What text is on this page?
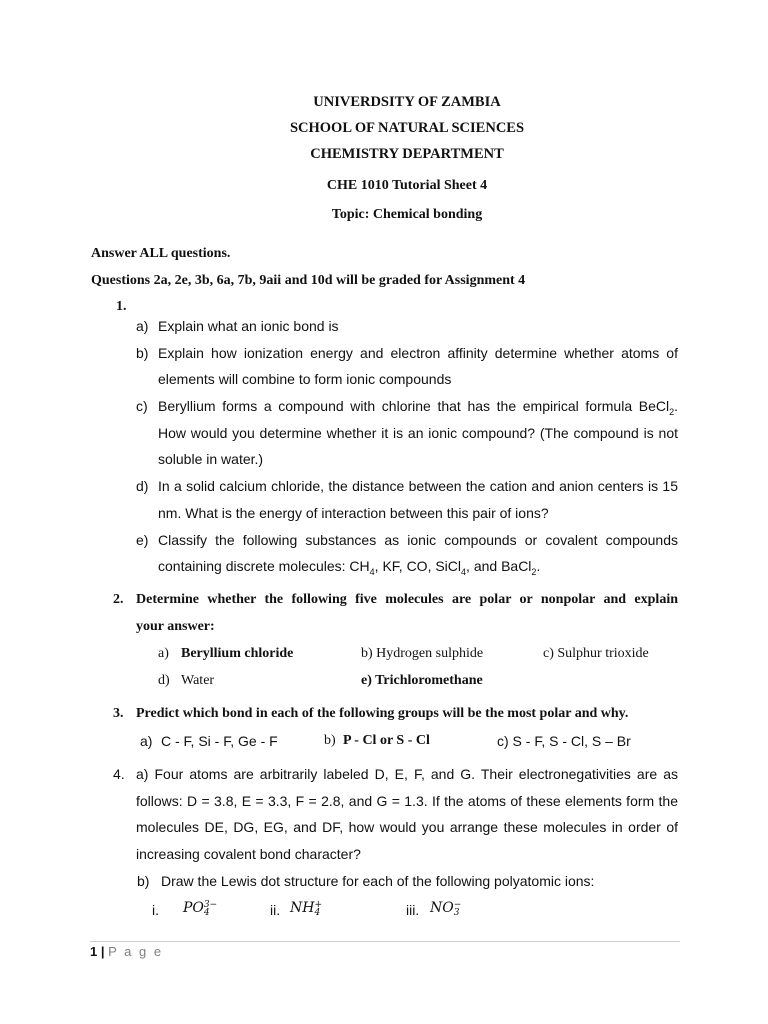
UNIVERDSITY OF ZAMBIA
SCHOOL OF NATURAL SCIENCES
CHEMISTRY DEPARTMENT
CHE 1010 Tutorial Sheet 4
Topic: Chemical bonding
Answer ALL questions.
Questions 2a, 2e, 3b, 6a, 7b, 9aii and 10d will be graded for Assignment 4
1.
a) Explain what an ionic bond is
b) Explain how ionization energy and electron affinity determine whether atoms of
elements will combine to form ionic compounds
c) Beryllium forms a compound with chlorine that has the empirical formula BeCl$_2$.
How would you determine whether it is an ionic compound? (The compound is not
soluble in water.)
d) In a solid calcium chloride, the distance between the cation and anion centers is 15
nm. What is the energy of interaction between this pair of ions?
e) Classify the following substances as ionic compounds or covalent compounds
containing discrete molecules: $CH_4$, KF, CO, SiCl$_4$, and BaCl$_2$.
2. Determine whether the following five molecules are polar or nonpolar and explain
your answer:
a) Beryllium chloride	b) Hydrogen sulphide	c) Sulphur trioxide
d) Water	e) Trichloromethane
3. Predict which bond in each of the following groups will be the most polar and why.
a) C - F, Si - F, Ge - F	b) P - Cl or S - Cl	c) S - F, S - Cl, S – Br
4. a) Four atoms are arbitrarily labeled D, E, F, and G. Their electronegativities are as
follows: D = 3.8, E = 3.3, F = 2.8, and G = 1.3. If the atoms of these elements form the
molecules DE, DG, EG, and DF, how would you arrange these molecules in order of
increasing covalent bond character?
b) Draw the Lewis dot structure for each of the following polyatomic ions:
i. PO 3−
4	ii. NH +
4	iii. NO −
3
1 | P a g e
